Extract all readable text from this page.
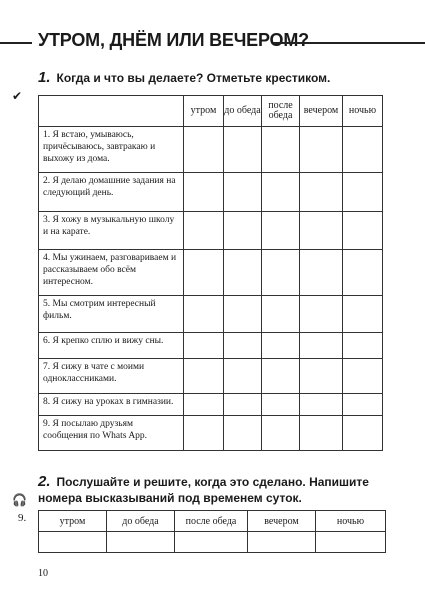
УТРОМ, ДНЁМ ИЛИ ВЕЧЕРОМ?
1. Когда и что вы делаете? Отметьте крестиком.
✔
	утром	до обеда	после обеда	вечером	ночью
1. Я встаю, умываюсь, причёсываюсь, завтракаю и выхожу из дома.					
2. Я делаю домашние задания на следующий день.					
3. Я хожу в музыкальную школу и на карате.					
4. Мы ужинаем, разговариваем и рассказываем обо всём интересном.					
5. Мы смотрим интересный фильм.					
6. Я крепко сплю и вижу сны.					
7. Я сижу в чате с моими одноклассниками.					
8. Я сижу на уроках в гимназии.					
9. Я посылаю друзьям сообщения по Whats App.					
2. Послушайте и решите, когда это сделано. Напишите номера высказываний под временем суток.
🎧
9.	утром	до обеда	после обеда	вечером	ночью

10
